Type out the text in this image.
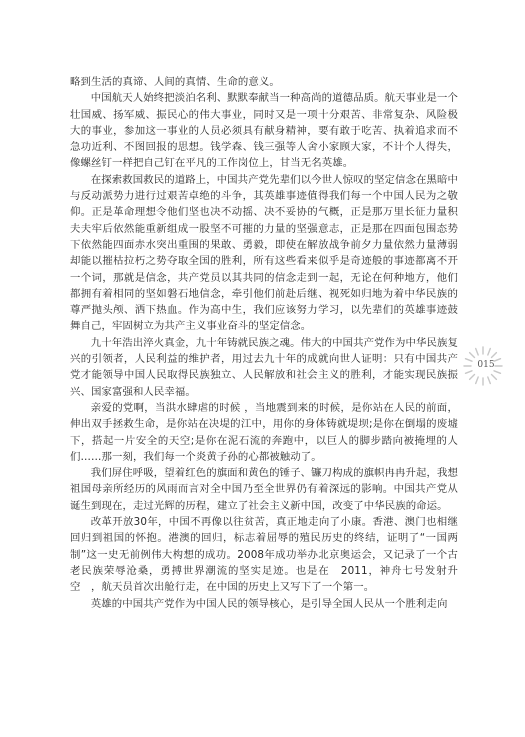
略到生活的真谛、人间的真情、生命的意义。

中国航天人始终把淡泊名利、默默奉献当一种高尚的道德品质。航天事业是一个壮国威、扬军威、振民心的伟大事业，同时又是一项十分艰苦、非常复杂、风险极大的事业，参加这一事业的人员必须具有献身精神，要有敢于吃苦、执着追求而不急功近利、不图回报的思想。钱学森、钱三强等人舍小家顾大家，不计个人得失，像螺丝钉一样把自己钉在平凡的工作岗位上，甘当无名英雄。

在探索救国救民的道路上，中国共产党先辈们以今世人惊叹的坚定信念在黑暗中与反动派势力进行过艰苦卓绝的斗争，其英雄事迹值得我们每一个中国人民为之敬仰。正是革命理想令他们坚也决不动摇、决不妥协的气概，正是那万里长征力量积夫夫牢后依然能重新组成一股坚不可摧的力量的坚强意志，正是那在四面包围态势下依然能四面赤水突出重围的果敢、勇毅，即使在解放战争前夕力量依然力量薄弱却能以摧枯拉朽之势夺取全国的胜利，所有这些看来似乎是奇迹般的事迹都离不开一个词，那就是信念，共产党员以其共同的信念走到一起，无论在何种地方，他们都拥有着相同的坚如磐石地信念，牵引他们前赴后继、视死如归地为着中华民族的尊严抛头颅、洒下热血。作为高中生，我们应该努力学习，以先辈们的英雄事迹鼓舞自己，牢固树立为共产主义事业奋斗的坚定信念。

九十年浩出淬火真金，九十年铸就民族之魂。伟大的中国共产党作为中华民族复兴的引领者，人民利益的维护者，用过去九十年的成就向世人证明：只有中国共产党才能领导中国人民取得民族独立、人民解放和社会主义的胜利，才能实现民族振兴、国家富强和人民幸福。

亲爱的党啊，当洪水肆虐的时候 ，当地震到来的时候，是你站在人民的前面，伸出双手拯救生命，是你站在决堤的江中，用你的身体铸就堤坝;是你在倒塌的废墟下，搭起一片安全的天空;是你在泥石流的奔跑中，以巨人的脚步踏向被掩埋的人们……那一刻，我们每一个炎黄子孙的心都被触动了。

我们屏住呼吸，望着红色的旗面和黄色的锤子、镰刀构成的旗帜冉冉升起，我想祖国母亲所经历的风雨而言对全中国乃至全世界仍有着深远的影响。中国共产党从诞生到现在，走过光辉的历程，建立了社会主义新中国，改变了中华民族的命运。

改革开放30年，中国不再像以往贫苦，真正地走向了小康。香港、澳门也相继回归到祖国的怀抱。港澳的回归，标志着屈辱的殖民历史的终结，证明了“一国两制”这一史无前例伟大构想的成功。2008年成功举办北京奥运会，又记录了一个古老民族荣辱沧桑，勇搏世界潮流的坚实足迹。也是在　2011，神舟七号发射升空　，航天员首次出舱行走，在中国的历史上又写下了一个第一。

英雄的中国共产党作为中国人民的领导核心，是引导全国人民从一个胜利走向

015
